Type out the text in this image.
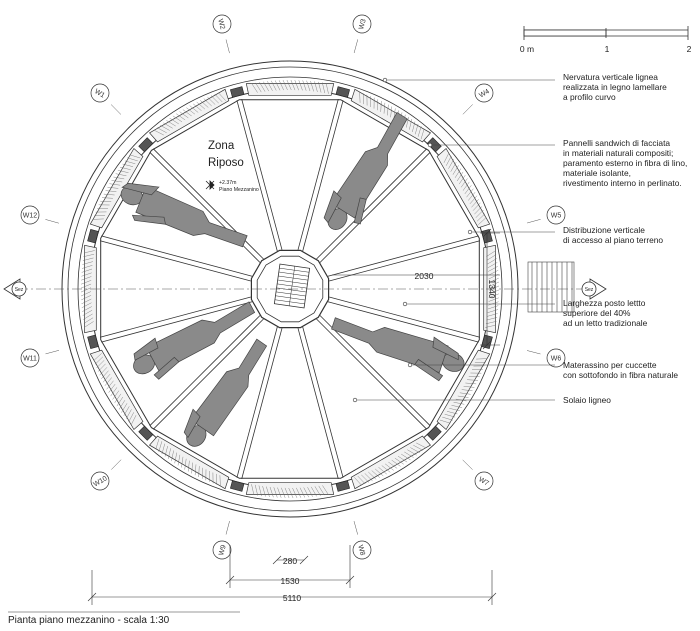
Sez	Sez
W1
W2	W3
W4
W5
W6
W7
W8
W9
W10
W11
W12
Zona
Riposo
+2.37m
Piano Mezzanino
1340
2030
280
1530
5110
0 m	1	2
Nervatura verticale lignea
realizzata in legno lamellare
a profilo curvo
Pannelli sandwich di facciata
in materiali naturali compositi;
paramento esterno in fibra di lino,
materiale isolante,
rivestimento interno in perlinato.
Distribuzione verticale
di accesso al piano terreno
Larghezza posto lettto
superiore del 40%
ad un letto tradizionale
Materassino per cuccette
con sottofondo in fibra naturale
Solaio ligneo
Pianta piano mezzanino - scala 1:30
